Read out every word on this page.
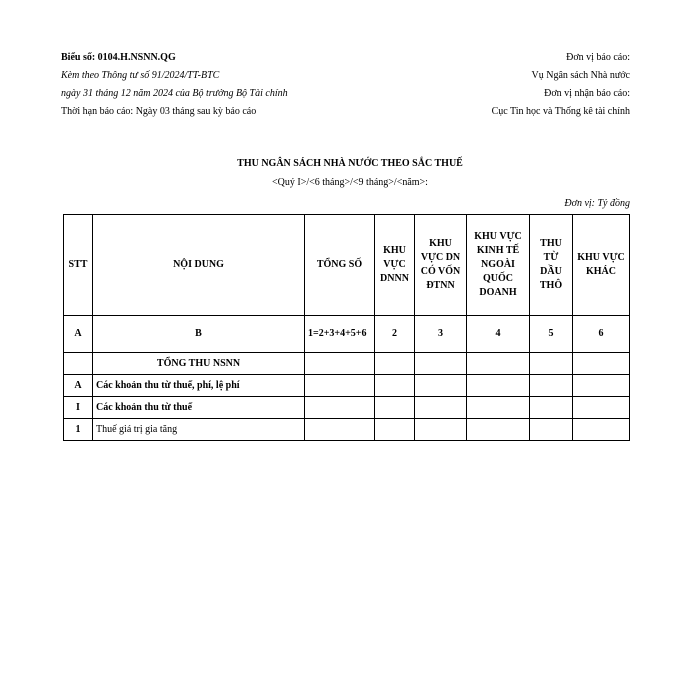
Biểu số: 0104.H.NSNN.QG
Kèm theo Thông tư số 91/2024/TT-BTC
ngày 31 tháng 12 năm 2024 của Bộ trưởng Bộ Tài chính
Thời hạn báo cáo: Ngày 03 tháng sau kỳ báo cáo
Đơn vị báo cáo:
Vụ Ngân sách Nhà nước
Đơn vị nhận báo cáo:
Cục Tin học và Thống kê tài chính
THU NGÂN SÁCH NHÀ NƯỚC THEO SẮC THUẾ
<Quý I>/<6 tháng>/<9 tháng>/<năm>:
Đơn vị: Tỷ đồng
STT	NỘI DUNG	TỔNG SỐ	KHU VỰC DNNN	KHU VỰC DN CÓ VỐN ĐTNN	KHU VỰC KINH TẾ NGOÀI QUỐC DOANH	THU TỪ DẦU THÔ	KHU VỰC KHÁC
A	B	1=2+3+4+5+6	2	3	4	5	6
	TỔNG THU NSNN						
A	Các khoản thu từ thuế, phí, lệ phí						
I	Các khoản thu từ thuế						
1	Thuế giá trị gia tăng						
